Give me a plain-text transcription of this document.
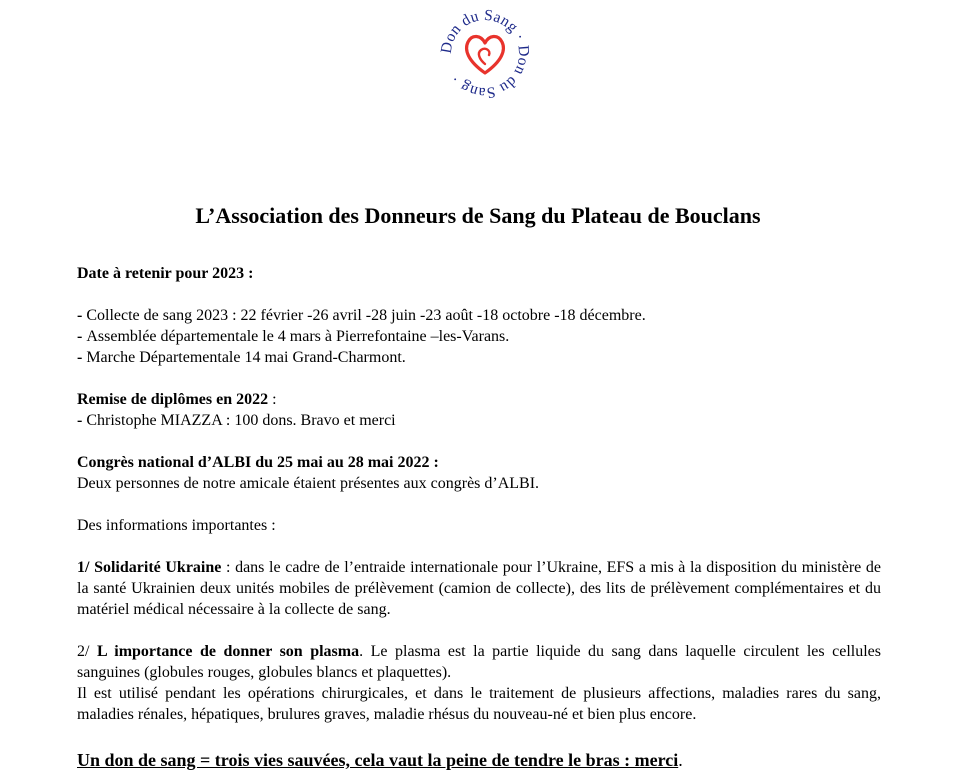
Don du Sang · Don du Sang ·
L’Association des Donneurs de Sang du Plateau de Bouclans

Date à retenir pour 2023 :

- Collecte de sang 2023 : 22 février -26 avril -28 juin -23 août -18 octobre -18 décembre.

- Assemblée départementale le 4 mars à Pierrefontaine –les-Varans.

- Marche Départementale 14 mai Grand-Charmont.

Remise de diplômes en 2022 :

- Christophe MIAZZA : 100 dons. Bravo et merci

Congrès national d’ALBI du 25 mai au 28 mai 2022 :

Deux personnes de notre amicale étaient présentes aux congrès d’ALBI.

Des informations importantes :

1/ Solidarité Ukraine : dans le cadre de l’entraide internationale pour l’Ukraine, EFS a mis à la disposition du ministère de la santé Ukrainien deux unités mobiles de prélèvement (camion de collecte), des lits de prélèvement complémentaires et du matériel médical nécessaire à la collecte de sang.

2/ L importance de donner son plasma. Le plasma est la partie liquide du sang dans laquelle circulent les cellules sanguines (globules rouges, globules blancs et plaquettes).

Il est utilisé pendant les opérations chirurgicales, et dans le traitement de plusieurs affections, maladies rares du sang, maladies rénales, hépatiques, brulures graves, maladie rhésus du nouveau-né et bien plus encore.

Un don de sang = trois vies sauvées, cela vaut la peine de tendre le bras : merci.
